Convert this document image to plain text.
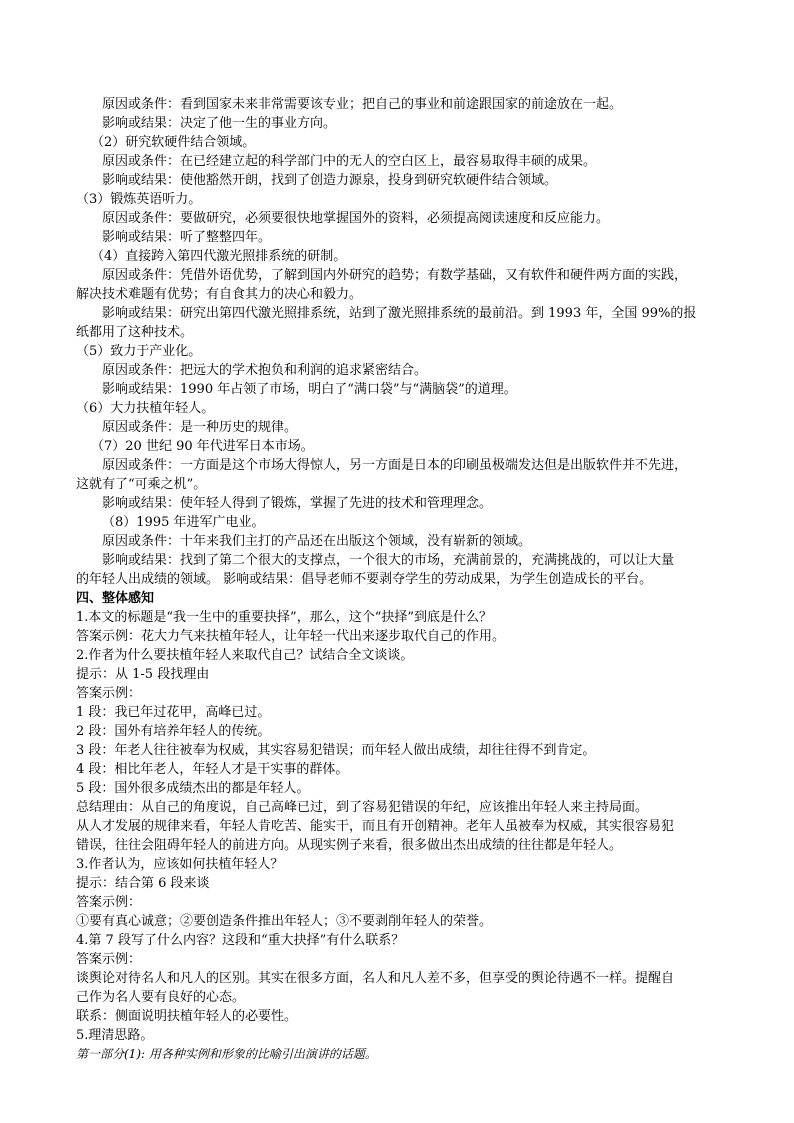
原因或条件：看到国家未来非常需要该专业；把自己的事业和前途跟国家的前途放在一起。
影响或结果：决定了他一生的事业方向。
（2）研究软硬件结合领域。
原因或条件：在已经建立起的科学部门中的无人的空白区上，最容易取得丰硕的成果。
影响或结果：使他豁然开朗，找到了创造力源泉，投身到研究软硬件结合领域。
（3）锻炼英语听力。
原因或条件：要做研究，必须要很快地掌握国外的资料，必须提高阅读速度和反应能力。
影响或结果：听了整整四年。
（4）直接跨入第四代激光照排系统的研制。
原因或条件：凭借外语优势，了解到国内外研究的趋势；有数学基础，又有软件和硬件两方面的实践，
解决技术难题有优势；有自食其力的决心和毅力。
影响或结果：研究出第四代激光照排系统，站到了激光照排系统的最前沿。到 1993 年，全国 99%的报
纸都用了这种技术。
（5）致力于产业化。
原因或条件：把远大的学术抱负和利润的追求紧密结合。
影响或结果：1990 年占领了市场，明白了“满口袋”与“满脑袋”的道理。
（6）大力扶植年轻人。
原因或条件：是一种历史的规律。
（7）20 世纪 90 年代进军日本市场。
原因或条件：一方面是这个市场大得惊人，另一方面是日本的印刷虽极端发达但是出版软件并不先进，
这就有了“可乘之机”。
影响或结果：使年轻人得到了锻炼，掌握了先进的技术和管理理念。
（8）1995 年进军广电业。
原因或条件：十年来我们主打的产品还在出版这个领域，没有崭新的领域。
影响或结果：找到了第二个很大的支撑点，一个很大的市场，充满前景的，充满挑战的，可以让大量
的年轻人出成绩的领域。 影响或结果：倡导老师不要剥夺学生的劳动成果，为学生创造成长的平台。
四、整体感知
1.本文的标题是“我一生中的重要抉择”，那么，这个“抉择”到底是什么？
答案示例：花大力气来扶植年轻人，让年轻一代出来逐步取代自己的作用。
2.作者为什么要扶植年轻人来取代自己？试结合全文谈谈。
提示：从 1-5 段找理由
答案示例：
1 段：我已年过花甲，高峰已过。
2 段：国外有培养年轻人的传统。
3 段：年老人往往被奉为权威，其实容易犯错误；而年轻人做出成绩，却往往得不到肯定。
4 段：相比年老人，年轻人才是干实事的群体。
5 段：国外很多成绩杰出的都是年轻人。
总结理由：从自己的角度说，自己高峰已过，到了容易犯错误的年纪，应该推出年轻人来主持局面。
从人才发展的规律来看，年轻人肯吃苦、能实干，而且有开创精神。老年人虽被奉为权威，其实很容易犯
错误，往往会阻碍年轻人的前进方向。从现实例子来看，很多做出杰出成绩的往往都是年轻人。
3.作者认为，应该如何扶植年轻人？
提示：结合第 6 段来谈
答案示例：
①要有真心诚意；②要创造条件推出年轻人；③不要剥削年轻人的荣誉。
4.第 7 段写了什么内容？这段和“重大抉择”有什么联系？
答案示例：
谈舆论对待名人和凡人的区别。其实在很多方面，名人和凡人差不多，但享受的舆论待遇不一样。提醒自
己作为名人要有良好的心态。
联系：侧面说明扶植年轻人的必要性。
5.理清思路。
第一部分(1): 用各种实例和形象的比喻引出演讲的话题。
